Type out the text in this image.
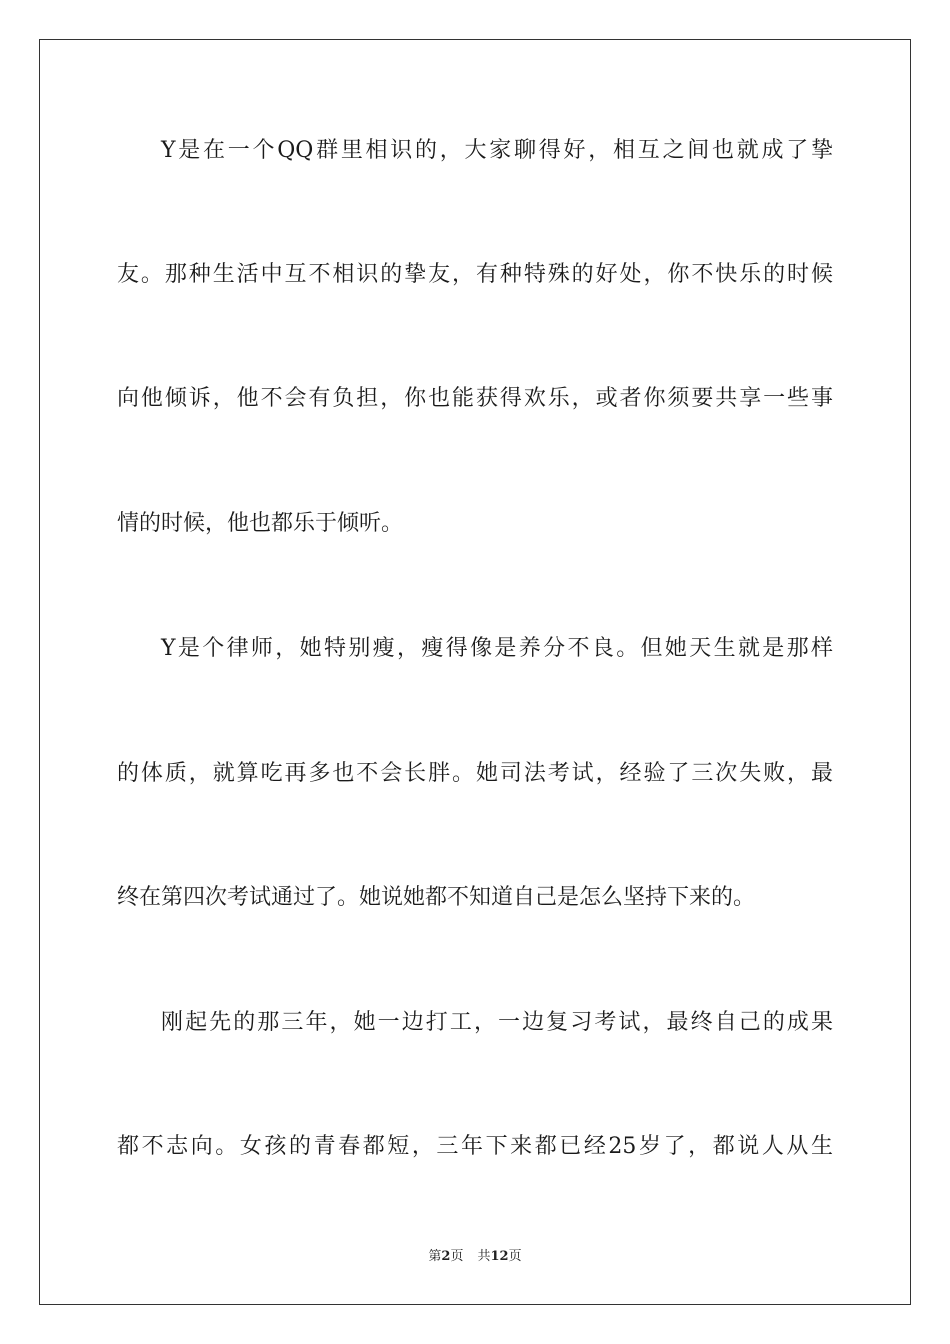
Y是在一个QQ群里相识的，大家聊得好，相互之间也就成了挚
友。那种生活中互不相识的挚友，有种特殊的好处，你不快乐的时候
向他倾诉，他不会有负担，你也能获得欢乐，或者你须要共享一些事
情的时候，他也都乐于倾听。
Y是个律师，她特别瘦，瘦得像是养分不良。但她天生就是那样
的体质，就算吃再多也不会长胖。她司法考试，经验了三次失败，最
终在第四次考试通过了。她说她都不知道自己是怎么坚持下来的。
刚起先的那三年，她一边打工，一边复习考试，最终自己的成果
都不志向。女孩的青春都短，三年下来都已经25岁了，都说人从生
第2页 共12页
